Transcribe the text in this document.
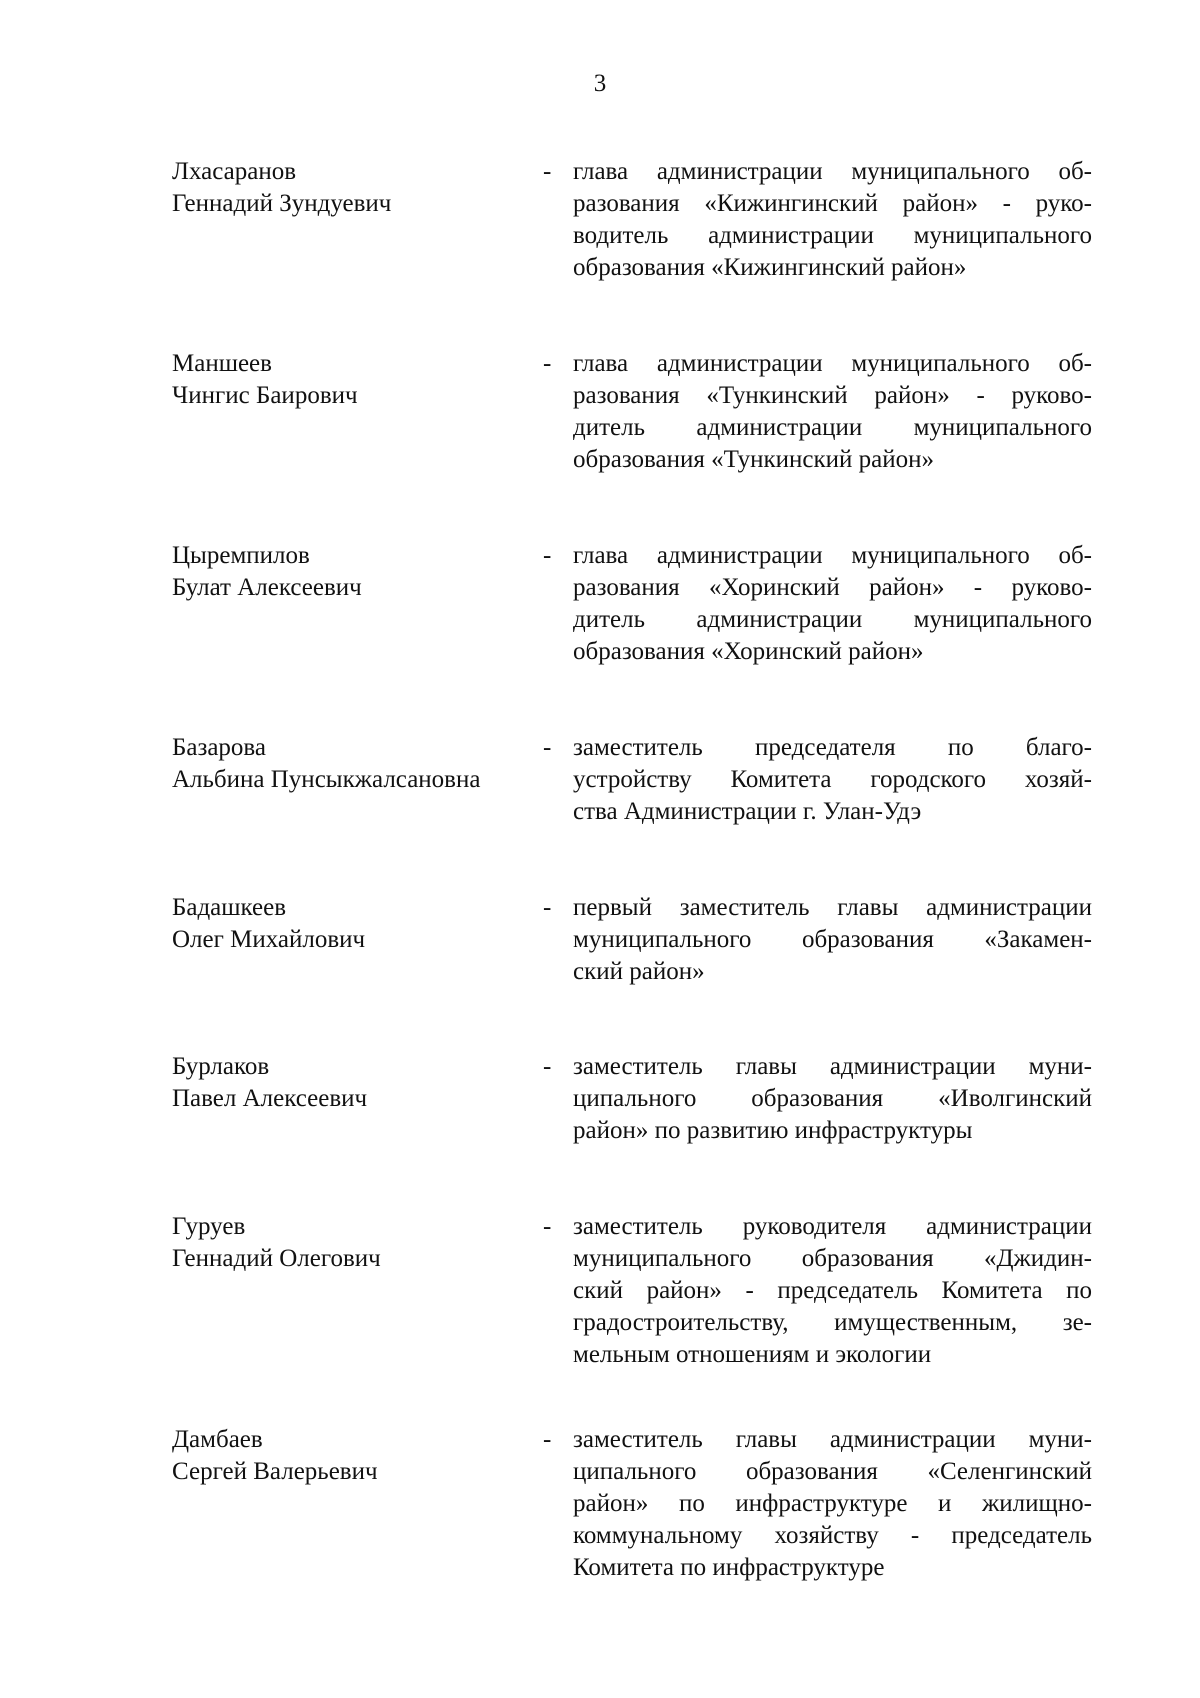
3
Лхасаранов
Геннадий Зундуевич
- глава администрации муниципального об-
разования «Кижингинский район» - руко-
водитель администрации муниципального
образования «Кижингинский район»
Маншеев
Чингис Баирович
- глава администрации муниципального об-
разования «Тункинский район» - руково-
дитель администрации муниципального
образования «Тункинский район»
Цыремпилов
Булат Алексеевич
- глава администрации муниципального об-
разования «Хоринский район» - руково-
дитель администрации муниципального
образования «Хоринский район»
Базарова
Альбина Пунсыкжалсановна
- заместитель председателя по благо-
устройству Комитета городского хозяй-
ства Администрации г. Улан-Удэ
Бадашкеев
Олег Михайлович
- первый заместитель главы администрации
муниципального образования «Закамен-
ский район»
Бурлаков
Павел Алексеевич
- заместитель главы администрации муни-
ципального образования «Иволгинский
район» по развитию инфраструктуры
Гуруев
Геннадий Олегович
- заместитель руководителя администрации
муниципального образования «Джидин-
ский район» - председатель Комитета по
градостроительству, имущественным, зе-
мельным отношениям и экологии
Дамбаев
Сергей Валерьевич
- заместитель главы администрации муни-
ципального образования «Селенгинский
район» по инфраструктуре и жилищно-
коммунальному хозяйству - председатель
Комитета по инфраструктуре
